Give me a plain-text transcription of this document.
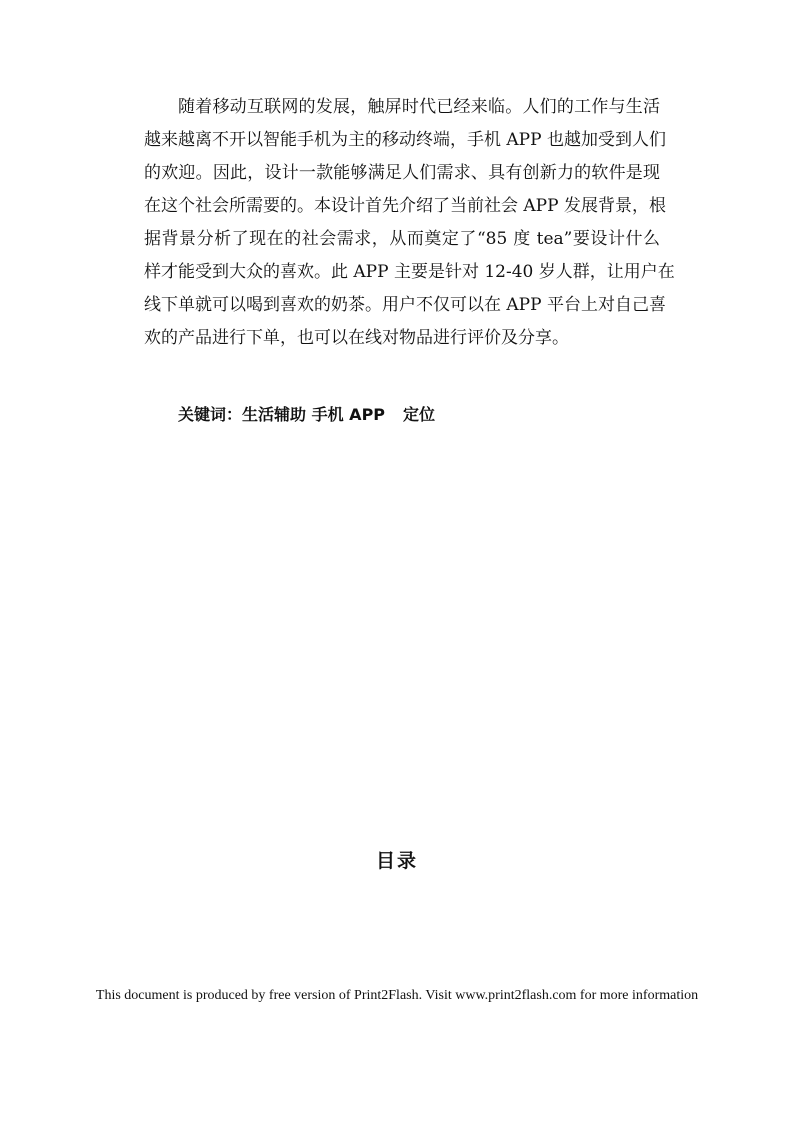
随着移动互联网的发展，触屏时代已经来临。人们的工作与生活
越来越离不开以智能手机为主的移动终端，手机 APP 也越加受到人们
的欢迎。因此，设计一款能够满足人们需求、具有创新力的软件是现
在这个社会所需要的。本设计首先介绍了当前社会 APP 发展背景，根
据背景分析了现在的社会需求，从而奠定了“85 度 tea”要设计什么
样才能受到大众的喜欢。此 APP 主要是针对 12-40 岁人群，让用户在
线下单就可以喝到喜欢的奶茶。用户不仅可以在 APP 平台上对自己喜
欢的产品进行下单，也可以在线对物品进行评价及分享。
关键词：生活辅助 手机 APP 定位
目录
This document is produced by free version of Print2Flash. Visit www.print2flash.com for more information
